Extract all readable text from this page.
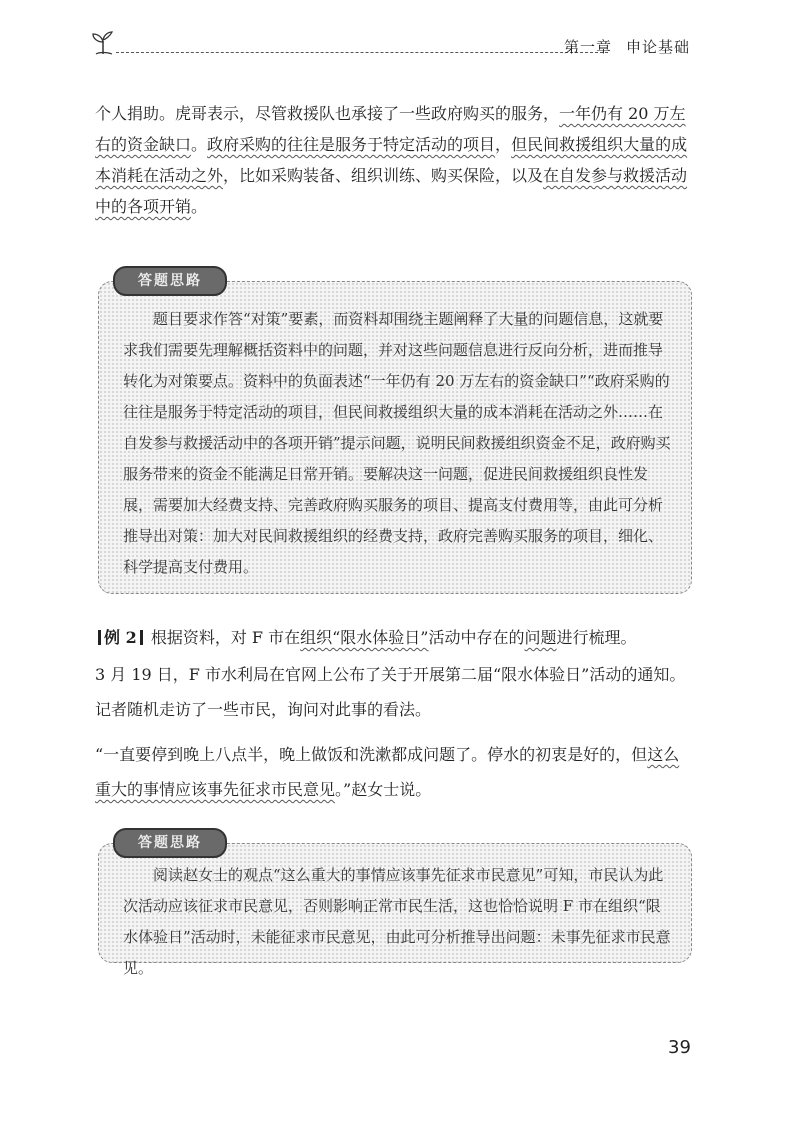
第一章 申论基础
个人捐助。虎哥表示，尽管救援队也承接了一些政府购买的服务，一年仍有 20 万左右的资金缺口。政府采购的往往是服务于特定活动的项目，但民间救援组织大量的成本消耗在活动之外，比如采购装备、组织训练、购买保险，以及在自发参与救援活动中的各项开销。
答题思路
题目要求作答“对策”要素，而资料却围绕主题阐释了大量的问题信息，这就要求我们需要先理解概括资料中的问题，并对这些问题信息进行反向分析，进而推导转化为对策要点。资料中的负面表述“一年仍有 20 万左右的资金缺口”“政府采购的往往是服务于特定活动的项目，但民间救援组织大量的成本消耗在活动之外……在自发参与救援活动中的各项开销”提示问题，说明民间救援组织资金不足，政府购买服务带来的资金不能满足日常开销。要解决这一问题，促进民间救援组织良性发展，需要加大经费支持、完善政府购买服务的项目、提高支付费用等，由此可分析推导出对策：加大对民间救援组织的经费支持，政府完善购买服务的项目，细化、科学提高支付费用。
例 2 根据资料，对 F 市在组织“限水体验日”活动中存在的问题进行梳理。
3 月 19 日，F 市水利局在官网上公布了关于开展第二届“限水体验日”活动的通知。记者随机走访了一些市民，询问对此事的看法。
“一直要停到晚上八点半，晚上做饭和洗漱都成问题了。停水的初衷是好的，但这么重大的事情应该事先征求市民意见。”赵女士说。
答题思路
阅读赵女士的观点“这么重大的事情应该事先征求市民意见”可知，市民认为此次活动应该征求市民意见，否则影响正常市民生活，这也恰恰说明 F 市在组织“限水体验日”活动时，未能征求市民意见，由此可分析推导出问题：未事先征求市民意见。
39
